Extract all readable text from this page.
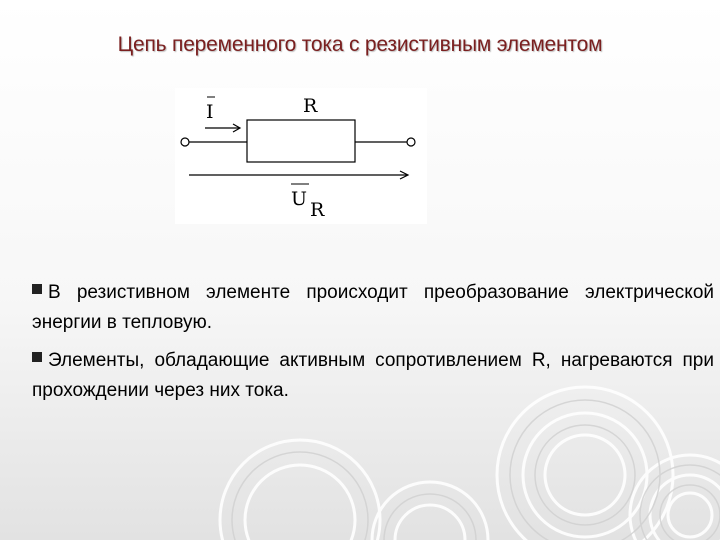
Цепь переменного тока с резистивным элементом
I	R
U R
В резистивном элементе происходит преобразование электрической энергии в тепловую.
Элементы, обладающие активным сопротивлением R, нагреваются при прохождении через них тока.
